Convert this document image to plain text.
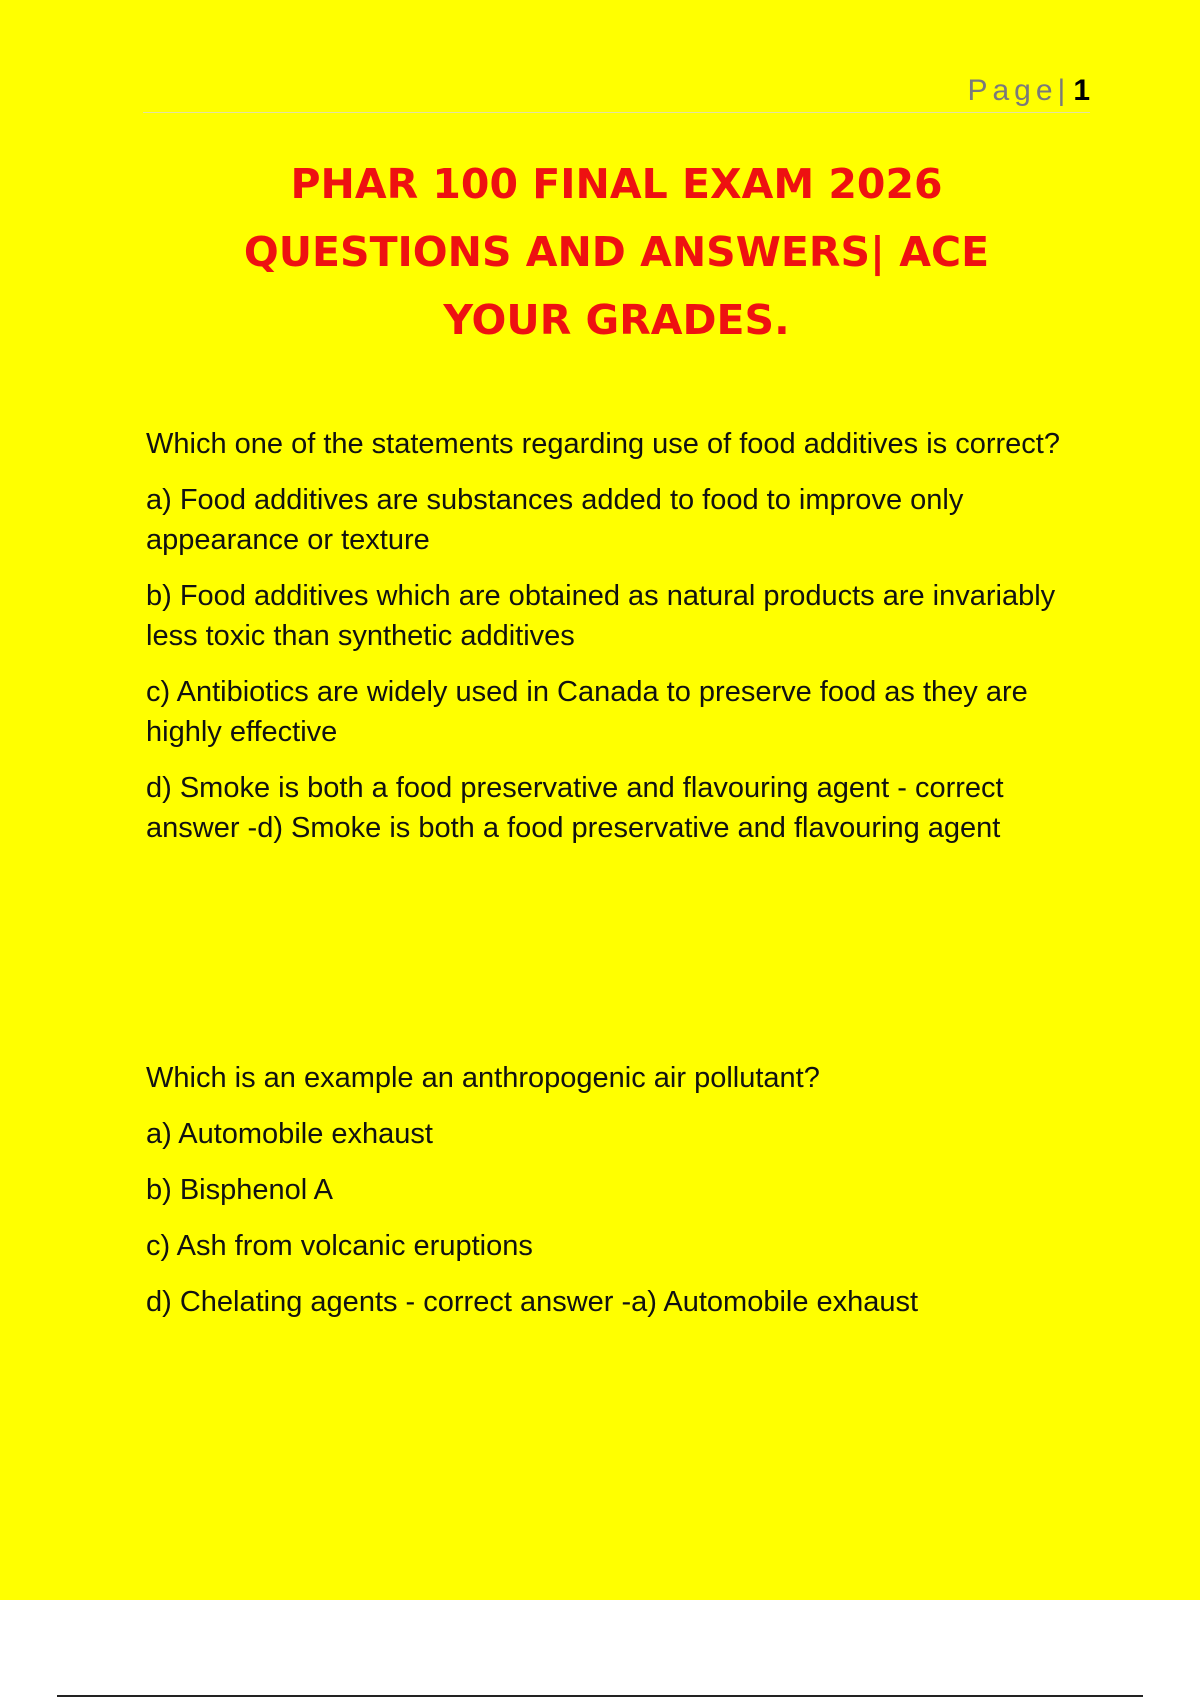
Page| 1
PHAR 100 FINAL EXAM 2026
QUESTIONS AND ANSWERS| ACE
YOUR GRADES.

Which one of the statements regarding use of food additives is correct?

a) Food additives are substances added to food to improve only appearance or texture

b) Food additives which are obtained as natural products are invariably less toxic than synthetic additives

c) Antibiotics are widely used in Canada to preserve food as they are highly effective

d) Smoke is both a food preservative and flavouring agent - correct answer -d) Smoke is both a food preservative and flavouring agent

Which is an example an anthropogenic air pollutant?

a) Automobile exhaust

b) Bisphenol A

c) Ash from volcanic eruptions

d) Chelating agents - correct answer -a) Automobile exhaust
